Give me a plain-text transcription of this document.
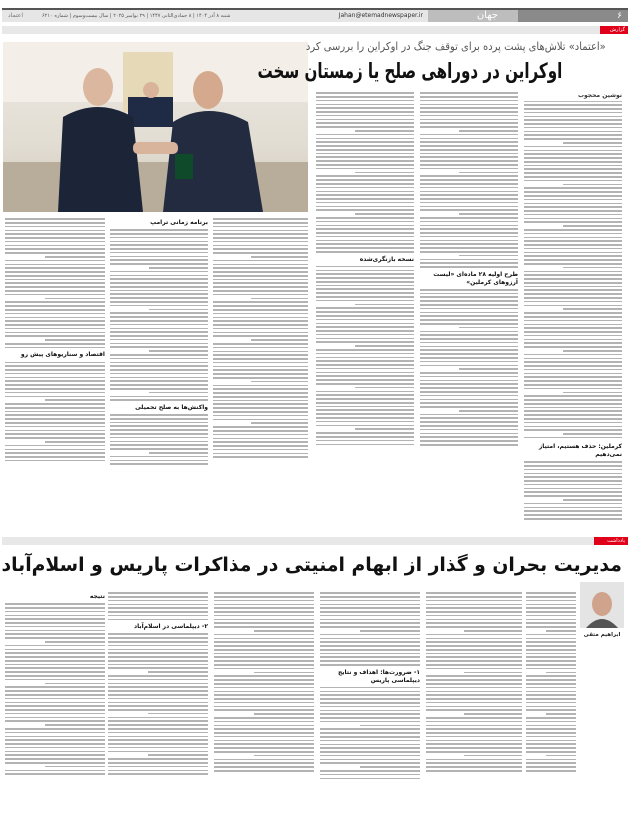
۶
جهان
Jahan@etemadnewspaper.ir
شنبه ۸ آذر ۱۴۰۴ | ۸ جمادی‌الثانی ۱۴۴۷ | ۲۹ نوامبر ۲۰۲۵ | سال بیست‌وسوم | شماره ۶۲۱۰
اعتماد
گزارش
«اعتماد» تلاش‌های پشت پرده برای توقف جنگ در اوکراین را بررسی کرد
اوکراین در دوراهی صلح یا زمستان سخت
نوشین محجوب
کرملین: حذف هستیم، امتیاز نمی‌دهیم
طرح اولیه ۲۸ ماده‌ای «لیست آرزوهای کرملین»
نسخه بازنگری‌شده
برنامه زمانی ترامپ
واکنش‌ها به صلح تحمیلی
اقتصاد و سناریوهای پیش رو
یادداشت
مدیریت بحران و گذار از ابهام امنیتی در مذاکرات پاریس و اسلام‌آباد
ابراهیم متقی
۱- ضرورت‌ها: اهداف و نتایج دیپلماسی پاریس
۲- دیپلماسی در اسلام‌آباد
نتیجه
